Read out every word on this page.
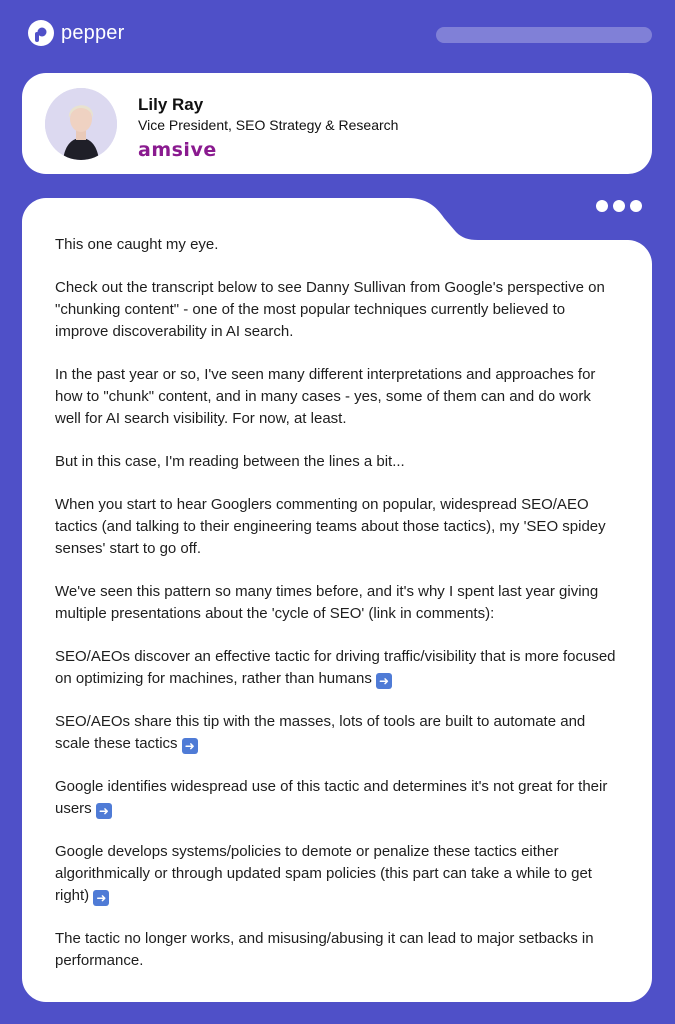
pepper
Lily Ray
Vice President, SEO Strategy & Research
amsive

This one caught my eye.

Check out the transcript below to see Danny Sullivan from Google's perspective on "chunking content" - one of the most popular techniques currently believed to improve discoverability in AI search.

In the past year or so, I've seen many different interpretations and approaches for how to "chunk" content, and in many cases - yes, some of them can and do work well for AI search visibility. For now, at least.

But in this case, I'm reading between the lines a bit...

When you start to hear Googlers commenting on popular, widespread SEO/AEO tactics (and talking to their engineering teams about those tactics), my 'SEO spidey senses' start to go off.

We've seen this pattern so many times before, and it's why I spent last year giving multiple presentations about the 'cycle of SEO' (link in comments):

SEO/AEOs discover an effective tactic for driving traffic/visibility that is more focused on optimizing for machines, rather than humans ➜

SEO/AEOs share this tip with the masses, lots of tools are built to automate and scale these tactics ➜

Google identifies widespread use of this tactic and determines it's not great for their users ➜

Google develops systems/policies to demote or penalize these tactics either algorithmically or through updated spam policies (this part can take a while to get right) ➜

The tactic no longer works, and misusing/abusing it can lead to major setbacks in performance.
